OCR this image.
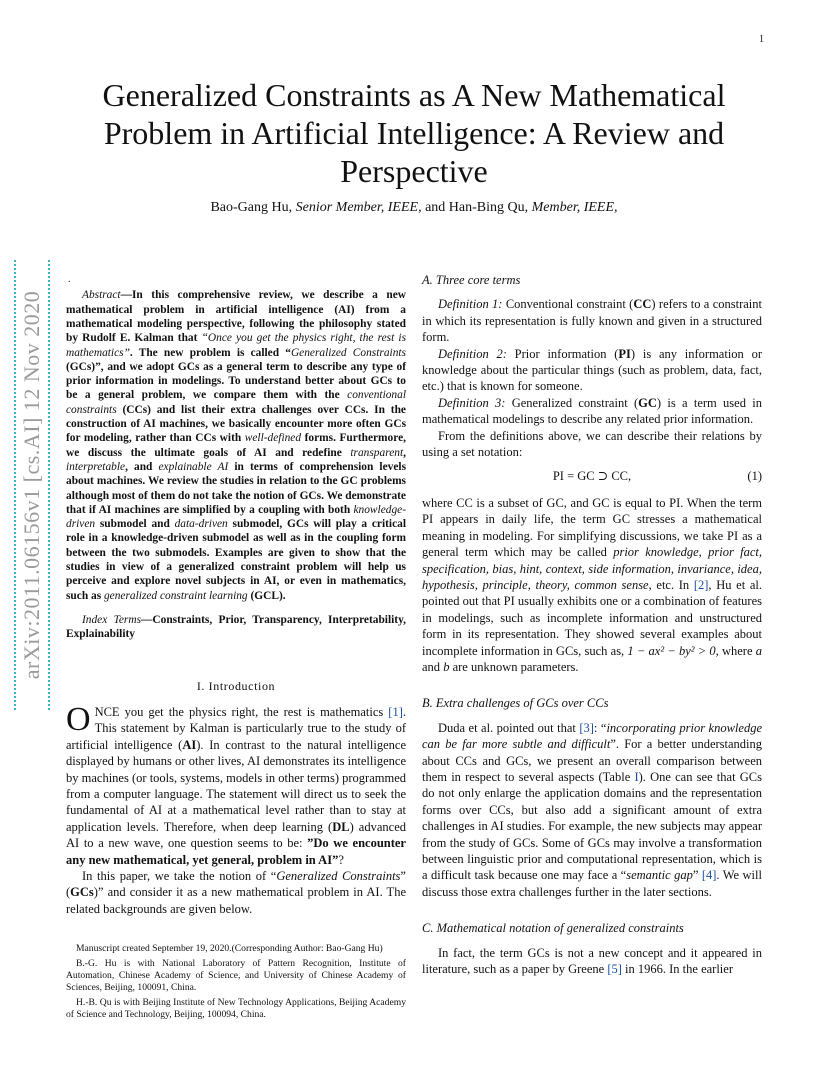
1
Generalized Constraints as A New Mathematical Problem in Artificial Intelligence: A Review and Perspective
Bao-Gang Hu, Senior Member, IEEE, and Han-Bing Qu, Member, IEEE,
arXiv:2011.06156v1 [cs.AI] 12 Nov 2020
.

Abstract—In this comprehensive review, we describe a new mathematical problem in artificial intelligence (AI) from a mathematical modeling perspective, following the philosophy stated by Rudolf E. Kalman that “Once you get the physics right, the rest is mathematics”. The new problem is called “Generalized Constraints (GCs)”, and we adopt GCs as a general term to describe any type of prior information in modelings. To understand better about GCs to be a general problem, we compare them with the conventional constraints (CCs) and list their extra challenges over CCs. In the construction of AI machines, we basically encounter more often GCs for modeling, rather than CCs with well-defined forms. Furthermore, we discuss the ultimate goals of AI and redefine transparent, interpretable, and explainable AI in terms of comprehension levels about machines. We review the studies in relation to the GC problems although most of them do not take the notion of GCs. We demonstrate that if AI machines are simplified by a coupling with both knowledge-driven submodel and data-driven submodel, GCs will play a critical role in a knowledge-driven submodel as well as in the coupling form between the two submodels. Examples are given to show that the studies in view of a generalized constraint problem will help us perceive and explore novel subjects in AI, or even in mathematics, such as generalized constraint learning (GCL).

Index Terms—Constraints, Prior, Transparency, Interpretability, Explainability

I. Introduction

ONCE you get the physics right, the rest is mathematics [1]. This statement by Kalman is particularly true to the study of artificial intelligence (AI). In contrast to the natural intelligence displayed by humans or other lives, AI demonstrates its intelligence by machines (or tools, systems, models in other terms) programmed from a computer language. The statement will direct us to seek the fundamental of AI at a mathematical level rather than to stay at application levels. Therefore, when deep learning (DL) advanced AI to a new wave, one question seems to be: ”Do we encounter any new mathematical, yet general, problem in AI”?

In this paper, we take the notion of “Generalized Constraints” (GCs)” and consider it as a new mathematical problem in AI. The related backgrounds are given below.

Manuscript created September 19, 2020.(Corresponding Author: Bao-Gang Hu)

B.-G. Hu is with National Laboratory of Pattern Recognition, Institute of Automation, Chinese Academy of Science, and University of Chinese Academy of Sciences, Beijing, 100091, China.

H.-B. Qu is with Beijing Institute of New Technology Applications, Beijing Academy of Science and Technology, Beijing, 100094, China.

A. Three core terms

Definition 1: Conventional constraint (CC) refers to a constraint in which its representation is fully known and given in a structured form.

Definition 2: Prior information (PI) is any information or knowledge about the particular things (such as problem, data, fact, etc.) that is known for someone.

Definition 3: Generalized constraint (GC) is a term used in mathematical modelings to describe any related prior information.

From the definitions above, we can describe their relations by using a set notation:

PI = GC ⊃ CC,	(1)

where CC is a subset of GC, and GC is equal to PI. When the term PI appears in daily life, the term GC stresses a mathematical meaning in modeling. For simplifying discussions, we take PI as a general term which may be called prior knowledge, prior fact, specification, bias, hint, context, side information, invariance, idea, hypothesis, principle, theory, common sense, etc. In [2], Hu et al. pointed out that PI usually exhibits one or a combination of features in modelings, such as incomplete information and unstructured form in its representation. They showed several examples about incomplete information in GCs, such as, 1 − ax² − by² > 0, where a and b are unknown parameters.

B. Extra challenges of GCs over CCs

Duda et al. pointed out that [3]: “incorporating prior knowledge can be far more subtle and difficult”. For a better understanding about CCs and GCs, we present an overall comparison between them in respect to several aspects (Table I). One can see that GCs do not only enlarge the application domains and the representation forms over CCs, but also add a significant amount of extra challenges in AI studies. For example, the new subjects may appear from the study of GCs. Some of GCs may involve a transformation between linguistic prior and computational representation, which is a difficult task because one may face a “semantic gap” [4]. We will discuss those extra challenges further in the later sections.

C. Mathematical notation of generalized constraints

In fact, the term GCs is not a new concept and it appeared in literature, such as a paper by Greene [5] in 1966. In the earlier
